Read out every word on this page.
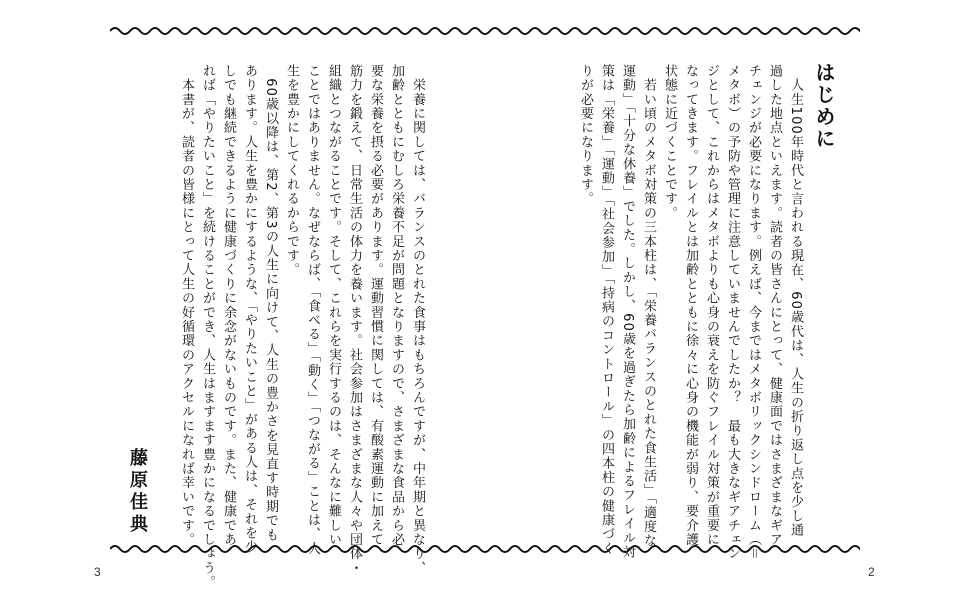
はじめに
　人生100年時代と言われる現在、60歳代は、人生の折り返し点を少し通
過した地点といえます。読者の皆さんにとって、健康面ではさまざまなギア
チェンジが必要になります。例えば、今まではメタボリックシンドローム（＝
メタボ）の予防や管理に注意していませんでしたか？　最も大きなギアチェン
ジとして、これからはメタボよりも心身の衰えを防ぐフレイル対策が重要に
なってきます。フレイルとは加齢とともに徐々に心身の機能が弱り、要介護
状態に近づくことです。
　若い頃のメタボ対策の三本柱は、「栄養バランスのとれた食生活」「適度な
運動」「十分な休養」でした。しかし、60歳を過ぎたら加齢によるフレイル対
策は「栄養」「運動」「社会参加」「持病のコントロール」の四本柱の健康づく
りが必要になります。
　栄養に関しては、バランスのとれた食事はもちろんですが、中年期と異なり、
加齢とともにむしろ栄養不足が問題となりますので、さまざまな食品から必
要な栄養を摂る必要があります。運動習慣に関しては、有酸素運動に加えて
筋力を鍛えて、日常生活の体力を養います。社会参加はさまざまな人々や団体・
組織とつながることです。そして、これらを実行するのは、そんなに難しい
ことではありません。なぜならば、「食べる」「動く」「つながる」ことは、人
生を豊かにしてくれるからです。
　60歳以降は、第2、第3の人生に向けて、人生の豊かさを見直す時期でも
あります。人生を豊かにするような、「やりたいこと」がある人は、それを少
しでも継続できるように健康づくりに余念がないものです。また、健康であ
れば「やりたいこと」を続けることができ、人生はますます豊かになるでしょう。
　本書が、読者の皆様にとって人生の好循環のアクセルになれば幸いです。
藤原佳典
3	2
